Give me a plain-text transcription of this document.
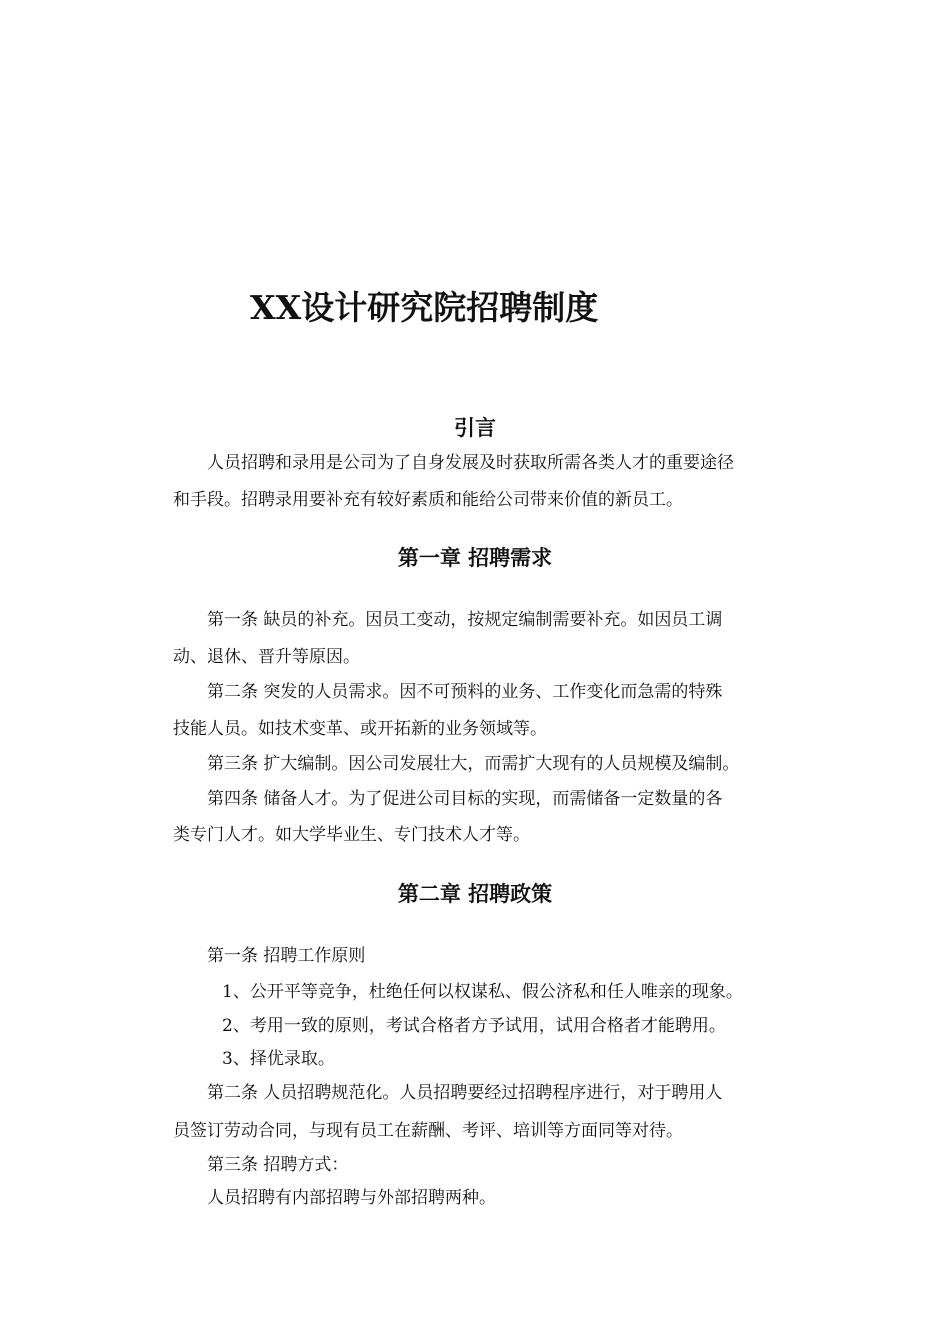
XX设计研究院招聘制度
引言
人员招聘和录用是公司为了自身发展及时获取所需各类人才的重要途径
和手段。招聘录用要补充有较好素质和能给公司带来价值的新员工。
第一章 招聘需求
第一条 缺员的补充。因员工变动，按规定编制需要补充。如因员工调
动、退休、晋升等原因。
第二条 突发的人员需求。因不可预料的业务、工作变化而急需的特殊
技能人员。如技术变革、或开拓新的业务领域等。
第三条 扩大编制。因公司发展壮大，而需扩大现有的人员规模及编制。
第四条 储备人才。为了促进公司目标的实现，而需储备一定数量的各
类专门人才。如大学毕业生、专门技术人才等。
第二章 招聘政策
第一条 招聘工作原则
1、公开平等竞争，杜绝任何以权谋私、假公济私和任人唯亲的现象。
2、考用一致的原则，考试合格者方予试用，试用合格者才能聘用。
3、择优录取。
第二条 人员招聘规范化。人员招聘要经过招聘程序进行，对于聘用人
员签订劳动合同，与现有员工在薪酬、考评、培训等方面同等对待。
第三条 招聘方式：
人员招聘有内部招聘与外部招聘两种。
